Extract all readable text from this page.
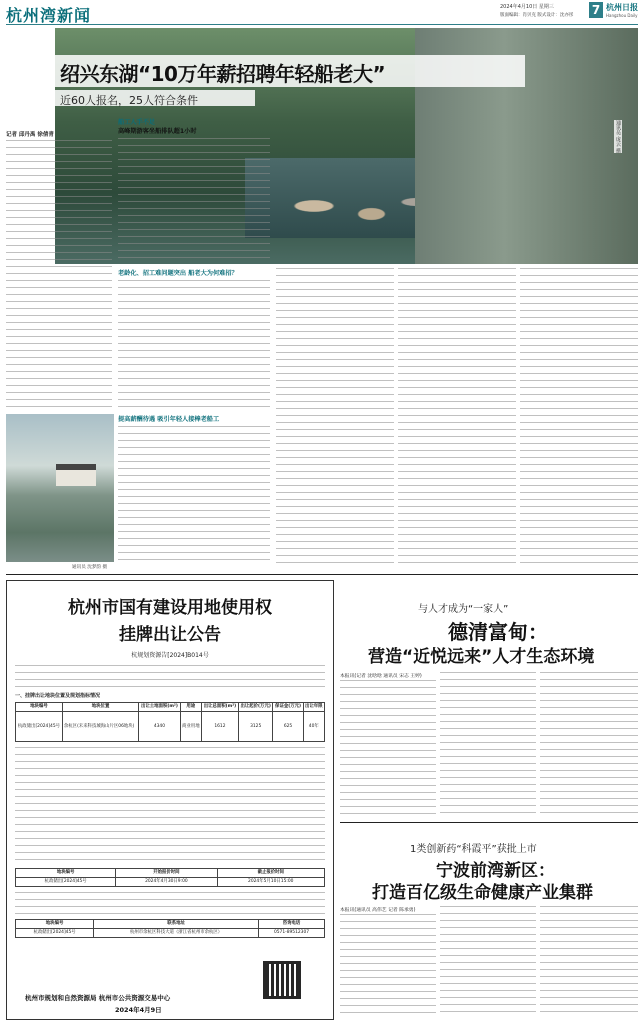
杭州湾新闻	2024年4月10日 星期三
版面编辑：肖贝克 版式设计：沈亦彤 7 杭州日报
Hangzhou Daily
绍兴东湖“10万年薪招聘年轻船老大”
近60人报名，25人符合条件
通讯员 庞云 摄
记者 邱丹禹 徐倩青
通讯员 沈梦韵 摄
船工人手不足
高峰期游客坐船排队超1小时
老龄化、招工难问题突出 船老大为何难招？
提高薪酬待遇 吸引年轻人接棒老船工
杭州市国有建设用地使用权
挂牌出让公告
杭规划资源告[2024]B014号
一、挂牌出让地块位置及规划指标情况
地块编号	地块位置	出让土地面积(m²)	用途	出让总面积(m²)	出让起价(万元)	保证金(万元)	出让年限
杭政储出[2024]45号	余杭区(未来科技城海山片区06地块)	4340	商业用地	1612	3125	625	40年
地块编号	开始报价时间	截止报价时间
杭政储出[2024]45号	2024年4月30日9:00	2024年5月10日15:00
地块编号	联系地址	咨询电话
杭政储出[2024]45号	杭州市余杭区科技大道（浙江省杭州市余杭区）	0571-89512307
杭州市规划和自然资源局 杭州市公共资源交易中心
2024年4月9日
与人才成为“一家人”
德清富甸：
营造“近悦远来”人才生态环境
本报讯(记者 沈晗晗 通讯员 宋志 王婷)
1类创新药“科霞平”获批上市
宁波前湾新区：
打造百亿级生命健康产业集群
本报讯(通讯员 高伟艺 记者 陈承勇)
